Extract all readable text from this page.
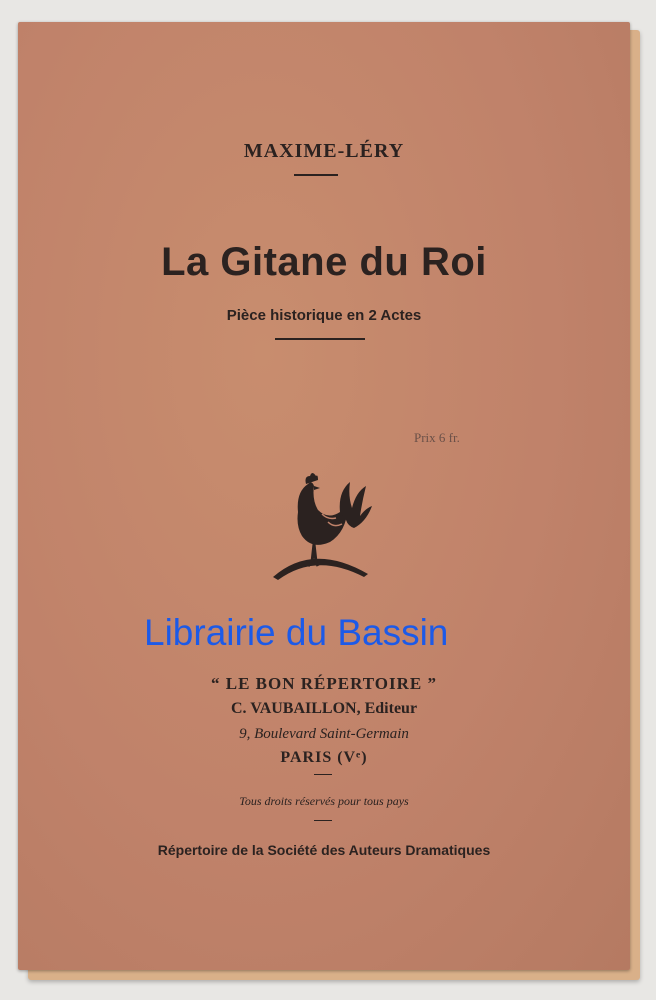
MAXIME-LÉRY
La Gitane du Roi
Pièce historique en 2 Actes
Prix 6 fr.
“ LE BON RÉPERTOIRE ”
C. VAUBAILLON, Editeur
9, Boulevard Saint-Germain
PARIS (Vᵉ)
Tous droits réservés pour tous pays
Répertoire de la Société des Auteurs Dramatiques
Librairie du Bassin
